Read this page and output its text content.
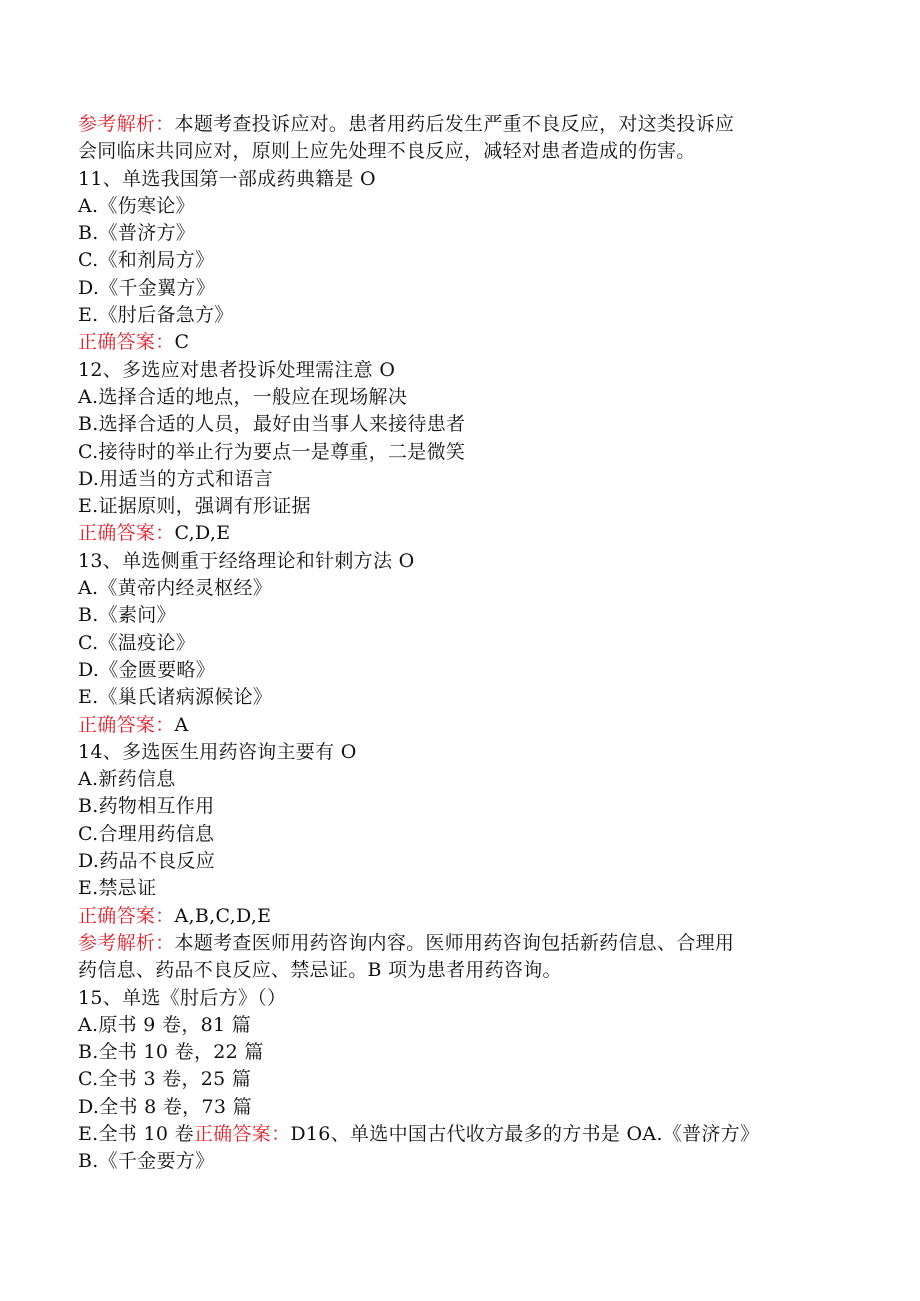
参考解析：本题考查投诉应对。患者用药后发生严重不良反应，对这类投诉应
会同临床共同应对，原则上应先处理不良反应，减轻对患者造成的伤害。
11、单选我国第一部成药典籍是 O
A.《伤寒论》
B.《普济方》
C.《和剂局方》
D.《千金翼方》
E.《肘后备急方》
正确答案：C
12、多选应对患者投诉处理需注意 O
A.选择合适的地点，一般应在现场解决
B.选择合适的人员，最好由当事人来接待患者
C.接待时的举止行为要点一是尊重，二是微笑
D.用适当的方式和语言
E.证据原则，强调有形证据
正确答案：C,D,E
13、单选侧重于经络理论和针刺方法 O
A.《黄帝内经灵枢经》
B.《素问》
C.《温疫论》
D.《金匮要略》
E.《巢氏诸病源候论》
正确答案：A
14、多选医生用药咨询主要有 O
A.新药信息
B.药物相互作用
C.合理用药信息
D.药品不良反应
E.禁忌证
正确答案：A,B,C,D,E
参考解析：本题考查医师用药咨询内容。医师用药咨询包括新药信息、合理用
药信息、药品不良反应、禁忌证。B 项为患者用药咨询。
15、单选《肘后方》（）
A.原书 9 卷，81 篇
B.全书 10 卷，22 篇
C.全书 3 卷，25 篇
D.全书 8 卷，73 篇
E.全书 10 卷正确答案：D16、单选中国古代收方最多的方书是 OA.《普济方》
B.《千金要方》
